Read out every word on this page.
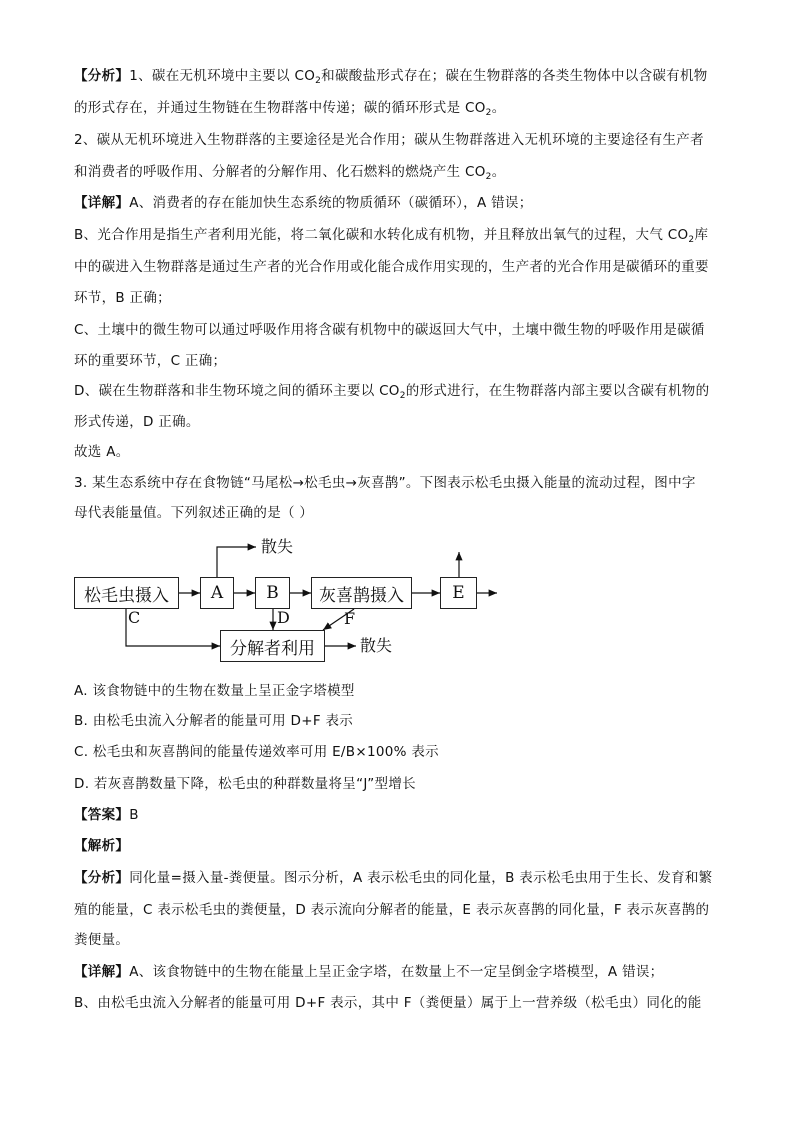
【分析】1、碳在无机环境中主要以 $CO_2$和碳酸盐形式存在；碳在生物群落的各类生物体中以含碳有机物
的形式存在，并通过生物链在生物群落中传递；碳的循环形式是 $CO_2$。
2、碳从无机环境进入生物群落的主要途径是光合作用；碳从生物群落进入无机环境的主要途径有生产者
和消费者的呼吸作用、分解者的分解作用、化石燃料的燃烧产生 $CO_2$。
【详解】A、消费者的存在能加快生态系统的物质循环（碳循环），A 错误；
B、光合作用是指生产者利用光能，将二氧化碳和水转化成有机物，并且释放出氧气的过程，大气 $CO_2$库
中的碳进入生物群落是通过生产者的光合作用或化能合成作用实现的，生产者的光合作用是碳循环的重要
环节，B 正确；
C、土壤中的微生物可以通过呼吸作用将含碳有机物中的碳返回大气中，土壤中微生物的呼吸作用是碳循
环的重要环节，C 正确；
D、碳在生物群落和非生物环境之间的循环主要以 $CO_2$的形式进行，在生物群落内部主要以含碳有机物的
形式传递，D 正确。
故选 A。
3. 某生态系统中存在食物链“马尾松→松毛虫→灰喜鹊”。下图表示松毛虫摄入能量的流动过程，图中字
母代表能量值。下列叙述正确的是（ ）
松毛虫摄入	A	B	灰喜鹊摄入	E
分解者利用
散失
散失
C	D	F
A. 该食物链中的生物在数量上呈正金字塔模型
B. 由松毛虫流入分解者的能量可用 D+F 表示
C. 松毛虫和灰喜鹊间的能量传递效率可用 E/B×100% 表示
D. 若灰喜鹊数量下降，松毛虫的种群数量将呈“J”型增长
【答案】B
【解析】
【分析】同化量=摄入量-粪便量。图示分析，A 表示松毛虫的同化量，B 表示松毛虫用于生长、发育和繁
殖的能量，C 表示松毛虫的粪便量，D 表示流向分解者的能量，E 表示灰喜鹊的同化量，F 表示灰喜鹊的
粪便量。
【详解】A、该食物链中的生物在能量上呈正金字塔，在数量上不一定呈倒金字塔模型，A 错误；
B、由松毛虫流入分解者的能量可用 D+F 表示，其中 F（粪便量）属于上一营养级（松毛虫）同化的能
